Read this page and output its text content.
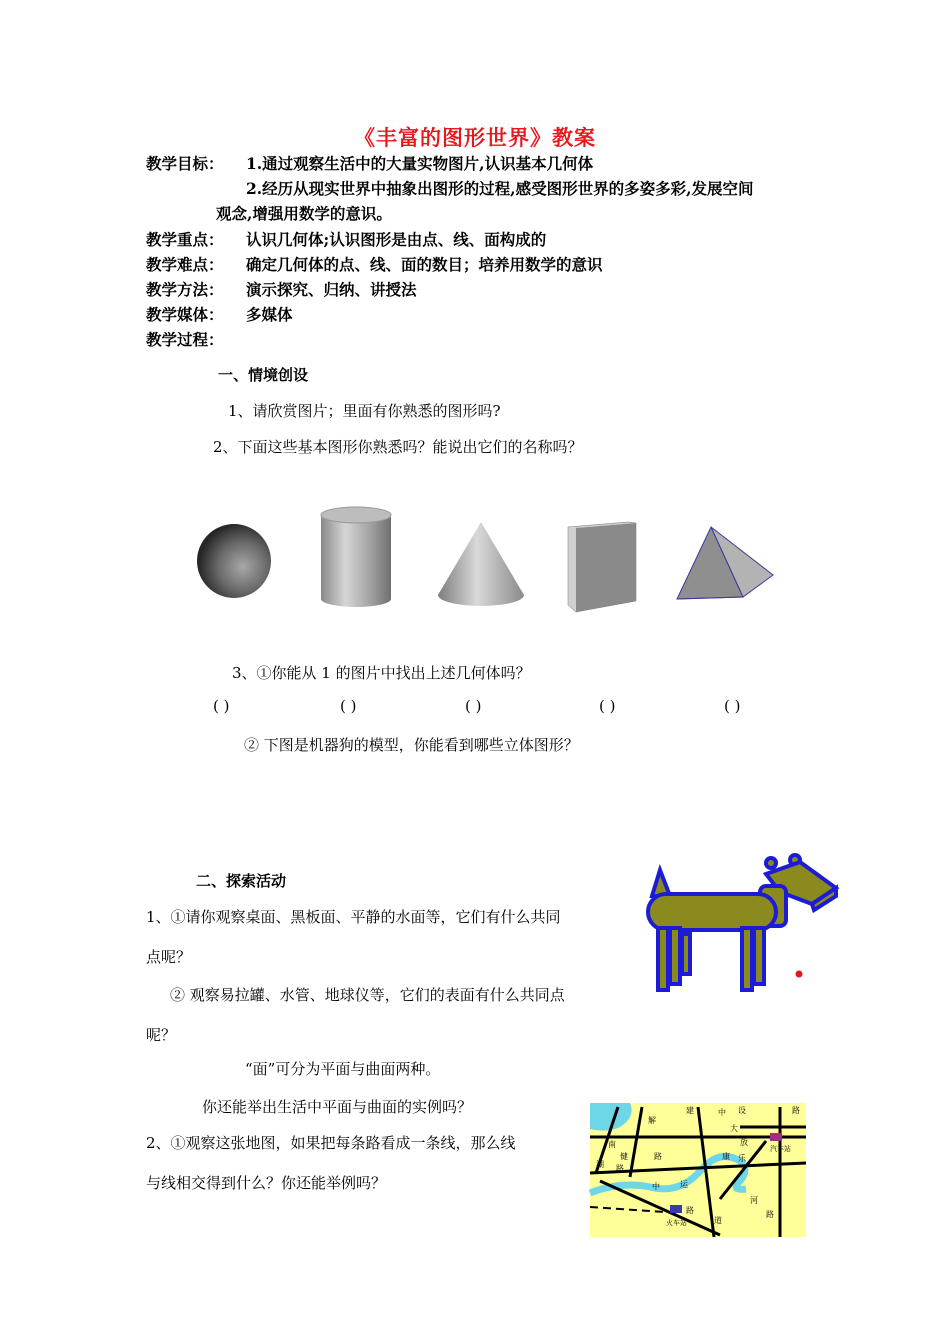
《丰富的图形世界》教案
教学目标： 1.通过观察生活中的大量实物图片,认识基本几何体
2.经历从现实世界中抽象出图形的过程,感受图形世界的多姿多彩,发展空间
观念,增强用数学的意识。
教学重点： 认识几何体;认识图形是由点、线、面构成的
教学难点： 确定几何体的点、线、面的数目；培养用数学的意识
教学方法： 演示探究、归纳、讲授法
教学媒体： 多媒体
教学过程：
一、情境创设
1、请欣赏图片；里面有你熟悉的图形吗?
2、下面这些基本图形你熟悉吗？能说出它们的名称吗？
3、①你能从 1 的图片中找出上述几何体吗？
( )	( )	( )	( )	( )
② 下图是机器狗的模型，你能看到哪些立体图形？
二、探索活动
1、①请你观察桌面、黑板面、平静的水面等，它们有什么共同
点呢？
② 观察易拉罐、水管、地球仪等，它们的表面有什么共同点
呢？
“面”可分为平面与曲面两种。
你还能举出生活中平面与曲面的实例吗？
2、①观察这张地图，如果把每条路看成一条线，那么线
与线相交得到什么？你还能举例吗？
湖
解
路
建	设	路
大
放
中
汽车站
康 乐
南
健
路
运
中
河
路
道
火车站
路
